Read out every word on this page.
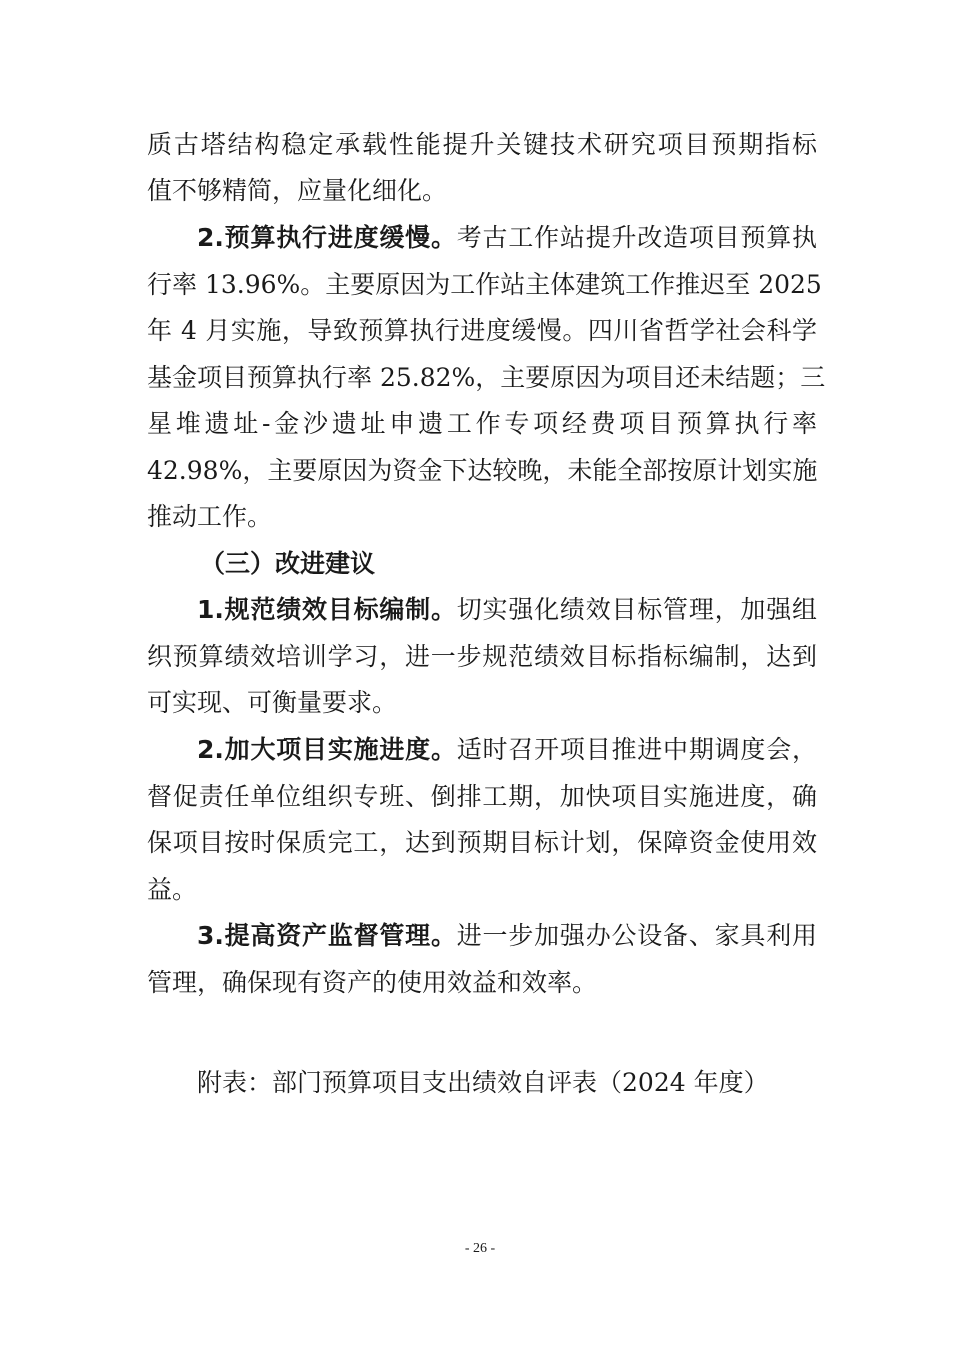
质古塔结构稳定承载性能提升关键技术研究项目预期指标
值不够精简，应量化细化。
2.预算执行进度缓慢。考古工作站提升改造项目预算执
行率 13.96%。主要原因为工作站主体建筑工作推迟至 2025
年 4 月实施，导致预算执行进度缓慢。四川省哲学社会科学
基金项目预算执行率 25.82%，主要原因为项目还未结题；三
星堆遗址-金沙遗址申遗工作专项经费项目预算执行率
42.98%，主要原因为资金下达较晚，未能全部按原计划实施
推动工作。
（三）改进建议
1.规范绩效目标编制。切实强化绩效目标管理，加强组
织预算绩效培训学习，进一步规范绩效目标指标编制，达到
可实现、可衡量要求。
2.加大项目实施进度。适时召开项目推进中期调度会，
督促责任单位组织专班、倒排工期，加快项目实施进度，确
保项目按时保质完工，达到预期目标计划，保障资金使用效
益。
3.提高资产监督管理。进一步加强办公设备、家具利用
管理，确保现有资产的使用效益和效率。
附表：部门预算项目支出绩效自评表（2024 年度）
- 26 -
